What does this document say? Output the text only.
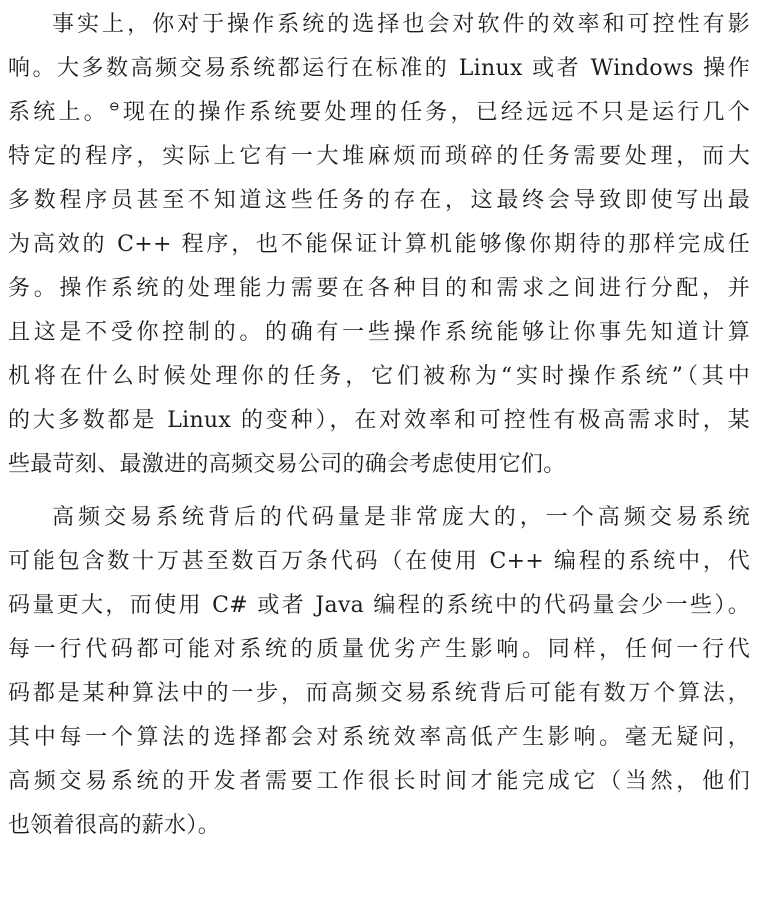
事实上，你对于操作系统的选择也会对软件的效率和可控性有影
响。大多数高频交易系统都运行在标准的 Linux 或者 Windows 操作
系统上。⊖现在的操作系统要处理的任务，已经远远不只是运行几个
特定的程序，实际上它有一大堆麻烦而琐碎的任务需要处理，而大
多数程序员甚至不知道这些任务的存在，这最终会导致即使写出最
为高效的 C++ 程序，也不能保证计算机能够像你期待的那样完成任
务。操作系统的处理能力需要在各种目的和需求之间进行分配，并
且这是不受你控制的。的确有一些操作系统能够让你事先知道计算
机将在什么时候处理你的任务，它们被称为“实时操作系统”（其中
的大多数都是 Linux 的变种），在对效率和可控性有极高需求时，某
些最苛刻、最激进的高频交易公司的确会考虑使用它们。
高频交易系统背后的代码量是非常庞大的，一个高频交易系统
可能包含数十万甚至数百万条代码（在使用 C++ 编程的系统中，代
码量更大，而使用 C# 或者 Java 编程的系统中的代码量会少一些）。
每一行代码都可能对系统的质量优劣产生影响。同样，任何一行代
码都是某种算法中的一步，而高频交易系统背后可能有数万个算法，
其中每一个算法的选择都会对系统效率高低产生影响。毫无疑问，
高频交易系统的开发者需要工作很长时间才能完成它（当然，他们
也领着很高的薪水）。
